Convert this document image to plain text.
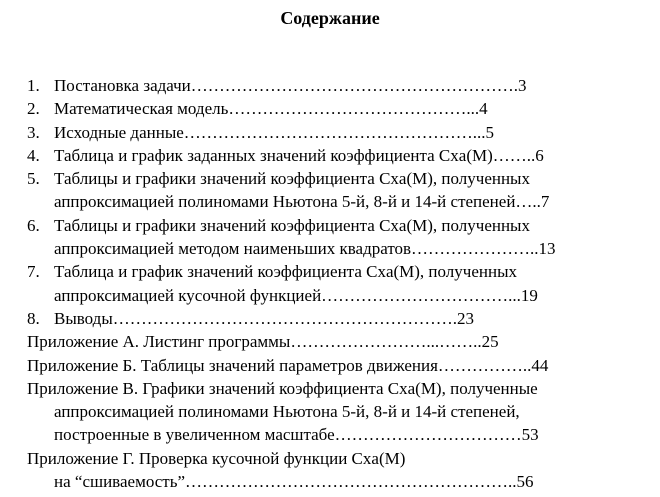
Содержание
1. Постановка задачи………………………………………………….3
2. Математическая модель……………………………………...4
3. Исходные данные……………………………………………...5
4. Таблица и график заданных значений коэффициента Cxa(M)……..6
5. Таблицы и графики значений коэффициента Cxa(M), полученных
аппроксимацией полиномами Ньютона 5-й, 8-й и 14-й степеней…..7
6. Таблицы и графики значений коэффициента Cxa(M), полученных
аппроксимацией методом наименьших квадратов…………………..13
7. Таблица и график значений коэффициента Cxa(M), полученных
аппроксимацией кусочной функцией……………………………...19
8. Выводы…………………………………………………….23
Приложение А. Листинг программы……………………...……..25
Приложение Б. Таблицы значений параметров движения……………..44
Приложение В. Графики значений коэффициента Cxa(M), полученные
аппроксимацией полиномами Ньютона 5-й, 8-й и 14-й степеней,
построенные в увеличенном масштабе……………………………53
Приложение Г. Проверка кусочной функции Cxa(M)
на “сшиваемость”…………………………………………………..56
